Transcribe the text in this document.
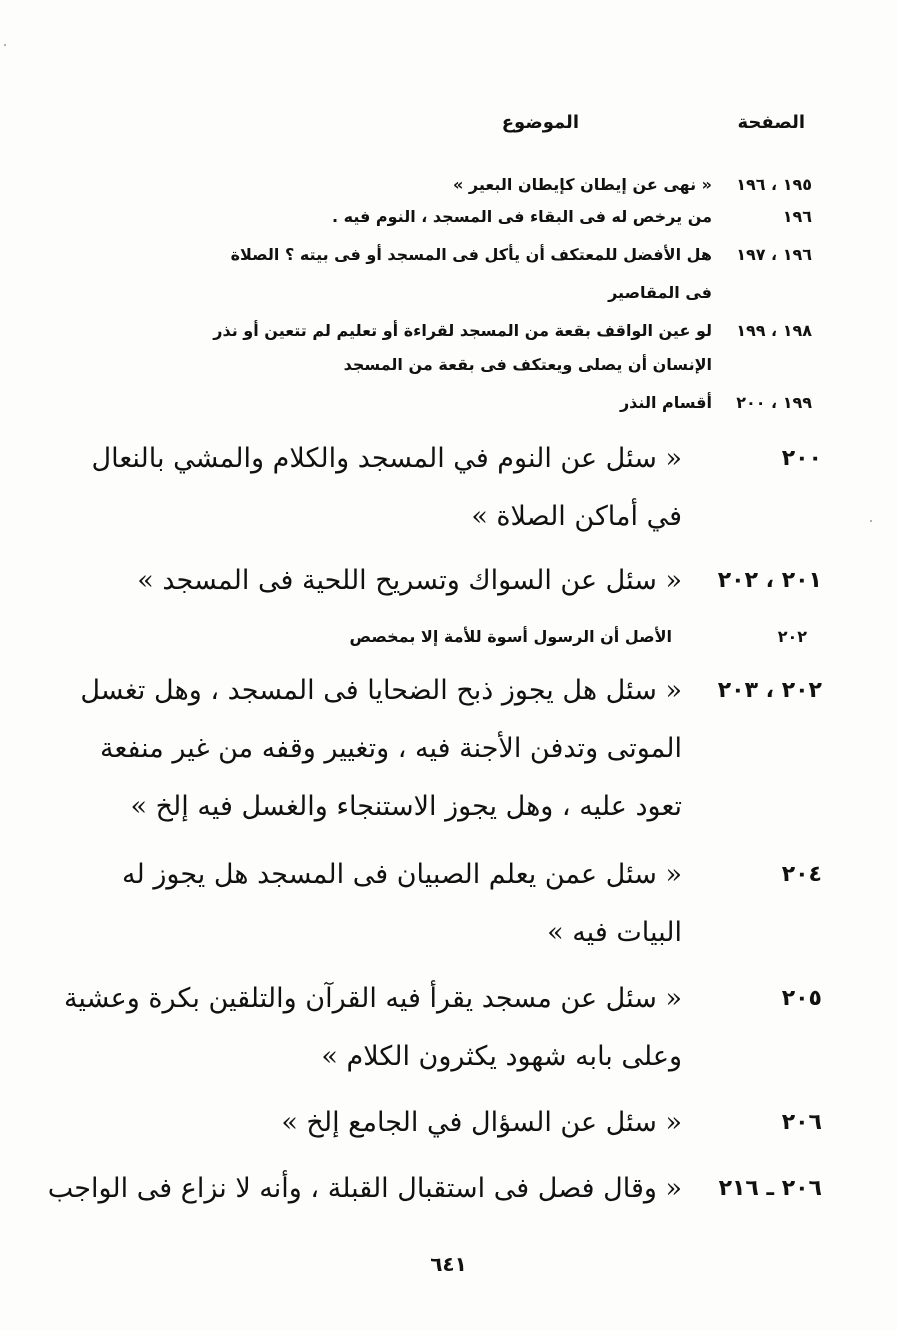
الصفحة
الموضوع
١٩٥ ، ١٩٦
« نهى عن إيطان كإيطان البعير »
١٩٦
من يرخص له فى البقاء فى المسجد ، النوم فيه .
١٩٦ ، ١٩٧
هل الأفضل للمعتكف أن يأكل فى المسجد أو فى بيته ؟ الصلاة
فى المقاصير
١٩٨ ، ١٩٩
لو عين الواقف بقعة من المسجد لقراءة أو تعليم لم تتعين أو نذر
الإنسان أن يصلى ويعتكف فى بقعة من المسجد
١٩٩ ، ٢٠٠
أقسام النذر
٢٠٠
« سئل عن النوم في المسجد والكلام والمشي بالنعال
في أماكن الصلاة »
٢٠١ ، ٢٠٢
« سئل عن السواك وتسريح اللحية فى المسجد »
٢٠٢
الأصل أن الرسول أسوة للأمة إلا بمخصص
٢٠٢ ، ٢٠٣
« سئل هل يجوز ذبح الضحايا فى المسجد ، وهل تغسل
الموتى وتدفن الأجنة فيه ، وتغيير وقفه من غير منفعة
تعود عليه ، وهل يجوز الاستنجاء والغسل فيه إلخ »
٢٠٤
« سئل عمن يعلم الصبيان فى المسجد هل يجوز له
البيات فيه »
٢٠٥
« سئل عن مسجد يقرأ فيه القرآن والتلقين بكرة وعشية
وعلى بابه شهود يكثرون الكلام »
٢٠٦
« سئل عن السؤال في الجامع إلخ »
٢٠٦ ـ ٢١٦
« وقال فصل فى استقبال القبلة ، وأنه لا نزاع فى الواجب
٦٤١
